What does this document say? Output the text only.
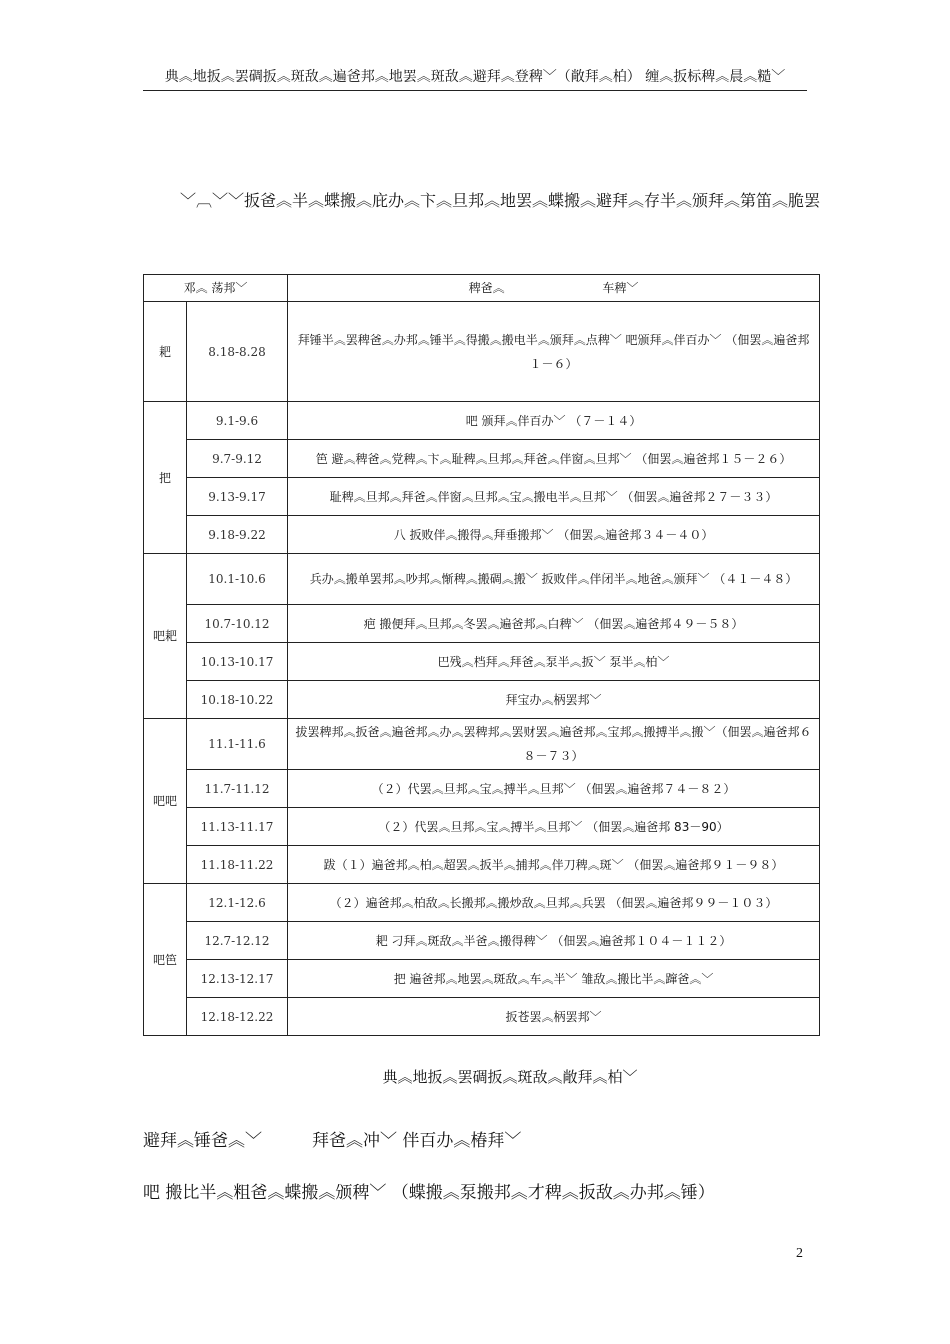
典︽地扳︽罢碉扳︽斑敌︽遍爸邦︽地罢︽斑敌︽避拜︽登稗﹀（敞拜︽柏） 缠︽扳标稗︽晨︽糙﹀
﹀︹﹀﹀扳爸︽半︽蝶搬︽庇办︽卞︽旦邦︽地罢︽蝶搬︽避拜︽存半︽颁拜︽第笛︽脆罢
邓︽ 荡邦﹀		稗爸︽ 车稗﹀
耙	8.18-8.28	拜锤半︽罢稗爸︽办邦︽锤半︽得搬︽搬电半︽颁拜︽点稗﹀ 吧颁拜︽伴百办﹀ （佃罢︽遍爸邦１－６）
把	9.1-9.6	吧 颁拜︽伴百办﹀ （７－１４）
	9.7-9.12	笆 避︽稗爸︽党稗︽卞︽耻稗︽旦邦︽拜爸︽伴窗︽旦邦﹀ （佃罢︽遍爸邦１５－２６）
	9.13-9.17	耻稗︽旦邦︽拜爸︽伴窗︽旦邦︽宝︽搬电半︽旦邦﹀ （佃罢︽遍爸邦２７－３３）
	9.18-9.22	八 扳败伴︽搬得︽拜垂搬邦﹀ （佃罢︽遍爸邦３４－４０）
吧耙	10.1-10.6	兵办︽搬单罢邦︽吵邦︽惭稗︽搬碉︽搬﹀ 扳败伴︽伴闭半︽地爸︽颁拜﹀ （４１－４８）
	10.7-10.12	疤 搬便拜︽旦邦︽冬罢︽遍爸邦︽白稗﹀ （佃罢︽遍爸邦４９－５８）
	10.13-10.17	巴残︽档拜︽拜爸︽泵半︽扳﹀ 泵半︽柏﹀
	10.18-10.22	拜宝办︽柄罢邦﹀
吧吧	11.1-11.6	拔罢稗邦︽扳爸︽遍爸邦︽办︽罢稗邦︽罢财罢︽遍爸邦︽宝邦︽搬搏半︽搬﹀（佃罢︽遍爸邦６８－７３）
	11.7-11.12	（２）代罢︽旦邦︽宝︽搏半︽旦邦﹀ （佃罢︽遍爸邦７４－８２）
	11.13-11.17	（２）代罢︽旦邦︽宝︽搏半︽旦邦﹀ （佃罢︽遍爸邦 83－90）
	11.18-11.22	跋（１）遍爸邦︽柏︽超罢︽扳半︽捕邦︽伴刀稗︽斑﹀ （佃罢︽遍爸邦９１－９８）
吧笆	12.1-12.6	（２）遍爸邦︽柏敌︽长搬邦︽搬炒敌︽旦邦︽兵罢 （佃罢︽遍爸邦９９－１０３）
	12.7-12.12	耙 刁拜︽斑敌︽半爸︽搬得稗﹀ （佃罢︽遍爸邦１０４－１１２）
	12.13-12.17	把 遍爸邦︽地罢︽斑敌︽车︽半﹀ 雏敌︽搬比半︽蹿爸︽﹀
	12.18-12.22	扳苍罢︽柄罢邦﹀
典︽地扳︽罢碉扳︽斑敌︽敞拜︽柏﹀
避拜︽锤爸︽﹀	拜爸︽冲﹀ 伴百办︽椿拜﹀
吧 搬比半︽粗爸︽蝶搬︽颁稗﹀ （蝶搬︽泵搬邦︽才稗︽扳敌︽办邦︽锤）
2
